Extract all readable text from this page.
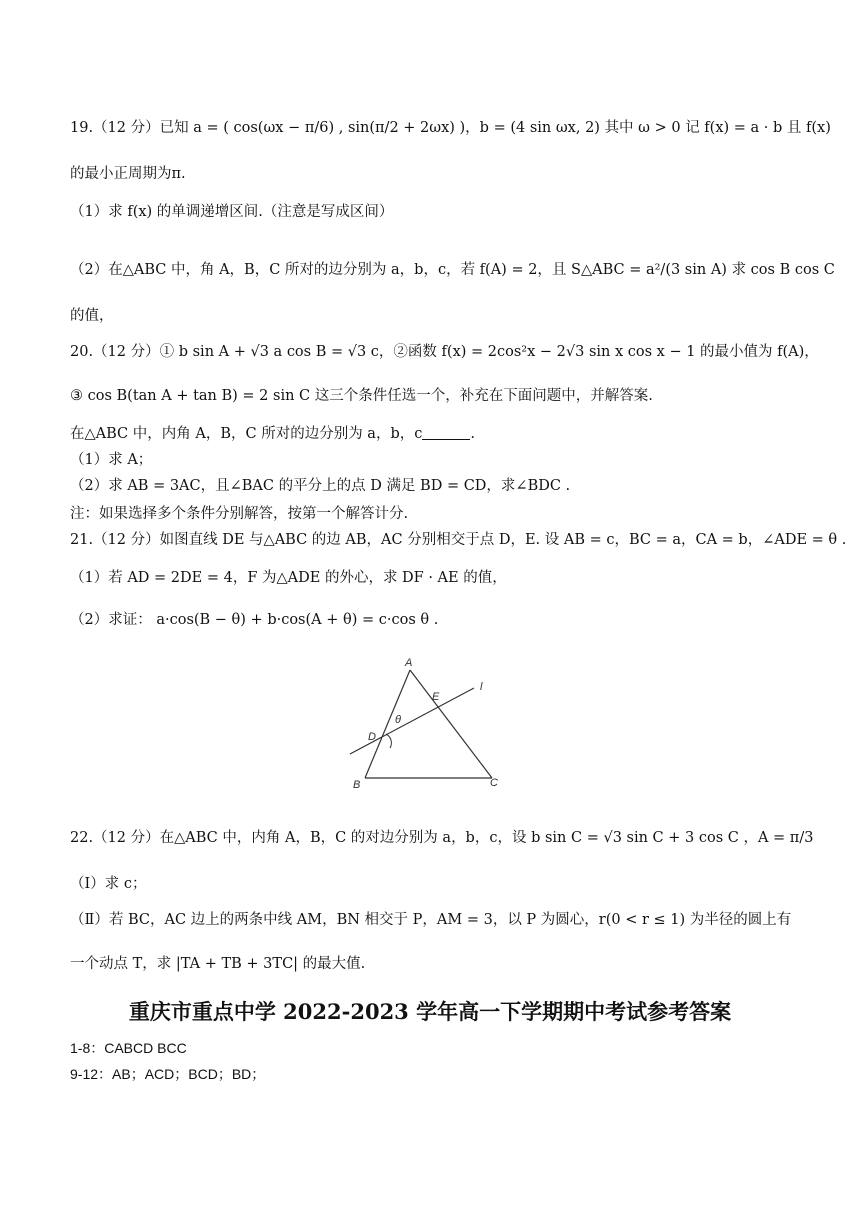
19.（12 分）已知 a = ( cos(ωx − π/6) , sin(π/2 + 2ωx) )，b = (4 sin ωx, 2) 其中 ω > 0 记 f(x) = a · b 且 f(x)
的最小正周期为π.
（1）求 f(x) 的单调递增区间.（注意是写成区间）
（2）在△ABC 中，角 A，B，C 所对的边分别为 a，b，c，若 f(A) = 2，且 S△ABC = a²/(3 sin A) 求 cos B cos C
的值，
20.（12 分）① b sin A + √3 a cos B = √3 c，②函数 f(x) = 2cos²x − 2√3 sin x cos x − 1 的最小值为 f(A)，
③ cos B(tan A + tan B) = 2 sin C 这三个条件任选一个，补充在下面问题中，并解答案.
在△ABC 中，内角 A，B，C 所对的边分别为 a，b，c	.
（1）求 A；
（2）求 AB = 3AC，且∠BAC 的平分上的点 D 满足 BD = CD，求∠BDC .
注：如果选择多个条件分别解答，按第一个解答计分.
21.（12 分）如图直线 DE 与△ABC 的边 AB，AC 分别相交于点 D，E. 设 AB = c，BC = a，CA = b，∠ADE = θ .
（1）若 AD = 2DE = 4，F 为△ADE 的外心，求 DF · AE 的值，
（2）求证： a·cos(B − θ) + b·cos(A + θ) = c·cos θ .
A
B	C
D
E
l
θ
22.（12 分）在△ABC 中，内角 A，B，C 的对边分别为 a，b，c，设 b sin C = √3 sin C + 3 cos C ，A = π/3
（Ⅰ）求 c；
（Ⅱ）若 BC，AC 边上的两条中线 AM，BN 相交于 P，AM = 3，以 P 为圆心，r(0 < r ≤ 1) 为半径的圆上有
一个动点 T，求 |TA + TB + 3TC| 的最大值.
重庆市重点中学 2022-2023 学年高一下学期期中考试参考答案
1-8：CABCD BCC
9-12：AB；ACD；BCD；BD；
